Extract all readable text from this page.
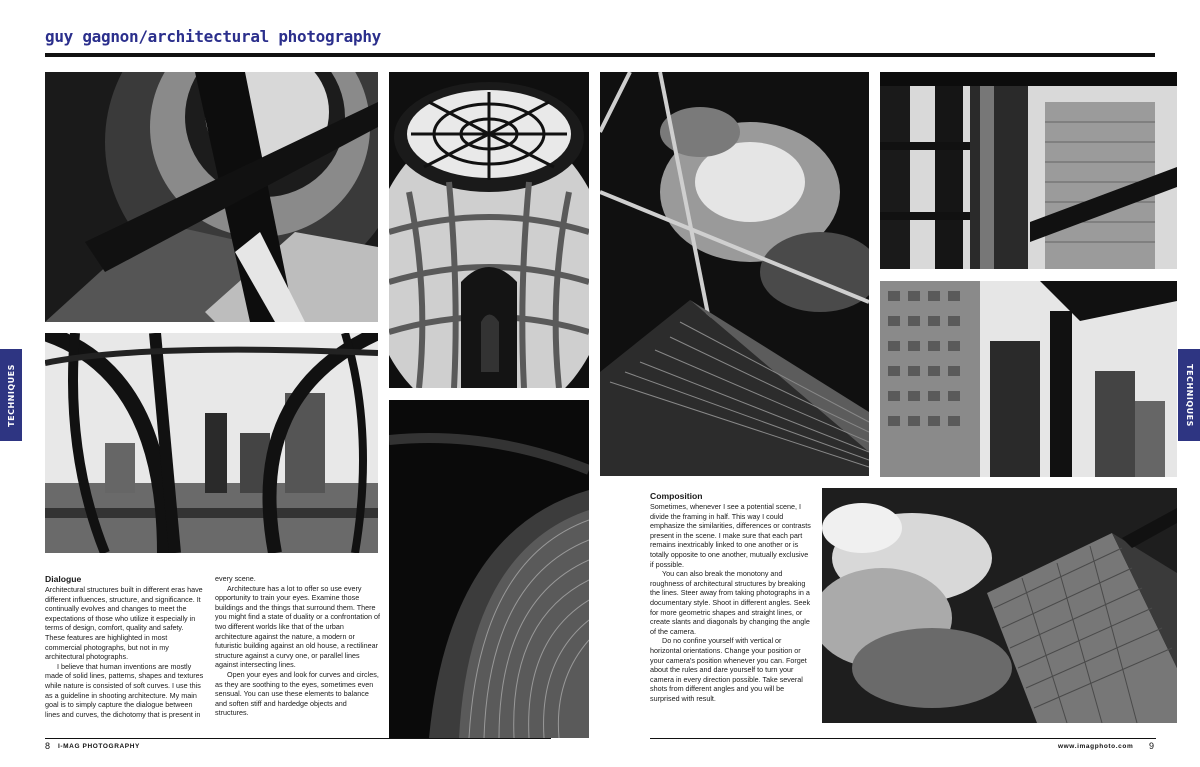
guy gagnon/architectural photography
TECHNIQUES	TECHNIQUES
Dialogue

Architectural structures built in different eras have different influences, structure, and significance. It continually evolves and changes to meet the expectations of those who utilize it especially in terms of design, comfort, quality and safety. These features are highlighted in most commercial photographs, but not in my architectural photographs.

I believe that human inventions are mostly made of solid lines, patterns, shapes and textures while nature is consisted of soft curves. I use this as a guideline in shooting architecture. My main goal is to simply capture the dialogue between lines and curves, the dichotomy that is present in

every scene.

Architecture has a lot to offer so use every opportunity to train your eyes. Examine those buildings and the things that surround them. There you might find a state of duality or a confrontation of two different worlds like that of the urban architecture against the nature, a modern or futuristic building against an old house, a rectilinear structure against a curvy one, or parallel lines against intersecting lines.

Open your eyes and look for curves and circles, as they are soothing to the eyes, sometimes even sensual. You can use these elements to balance and soften stiff and hardedge objects and structures.

Composition

Sometimes, whenever I see a potential scene, I divide the framing in half. This way I could emphasize the similarities, differences or contrasts present in the scene. I make sure that each part remains inextricably linked to one another or is totally opposite to one another, mutually exclusive if possible.

You can also break the monotony and roughness of architectural structures by breaking the lines. Steer away from taking photographs in a documentary style. Shoot in different angles. Seek for more geometric shapes and straight lines, or create slants and diagonals by changing the angle of the camera.

Do no confine yourself with vertical or horizontal orientations. Change your position or your camera's position whenever you can. Forget about the rules and dare yourself to turn your camera in every direction possible. Take several shots from different angles and you will be surprised with result.

8 I-MAG PHOTOGRAPHY	www.imagphoto.com 9
